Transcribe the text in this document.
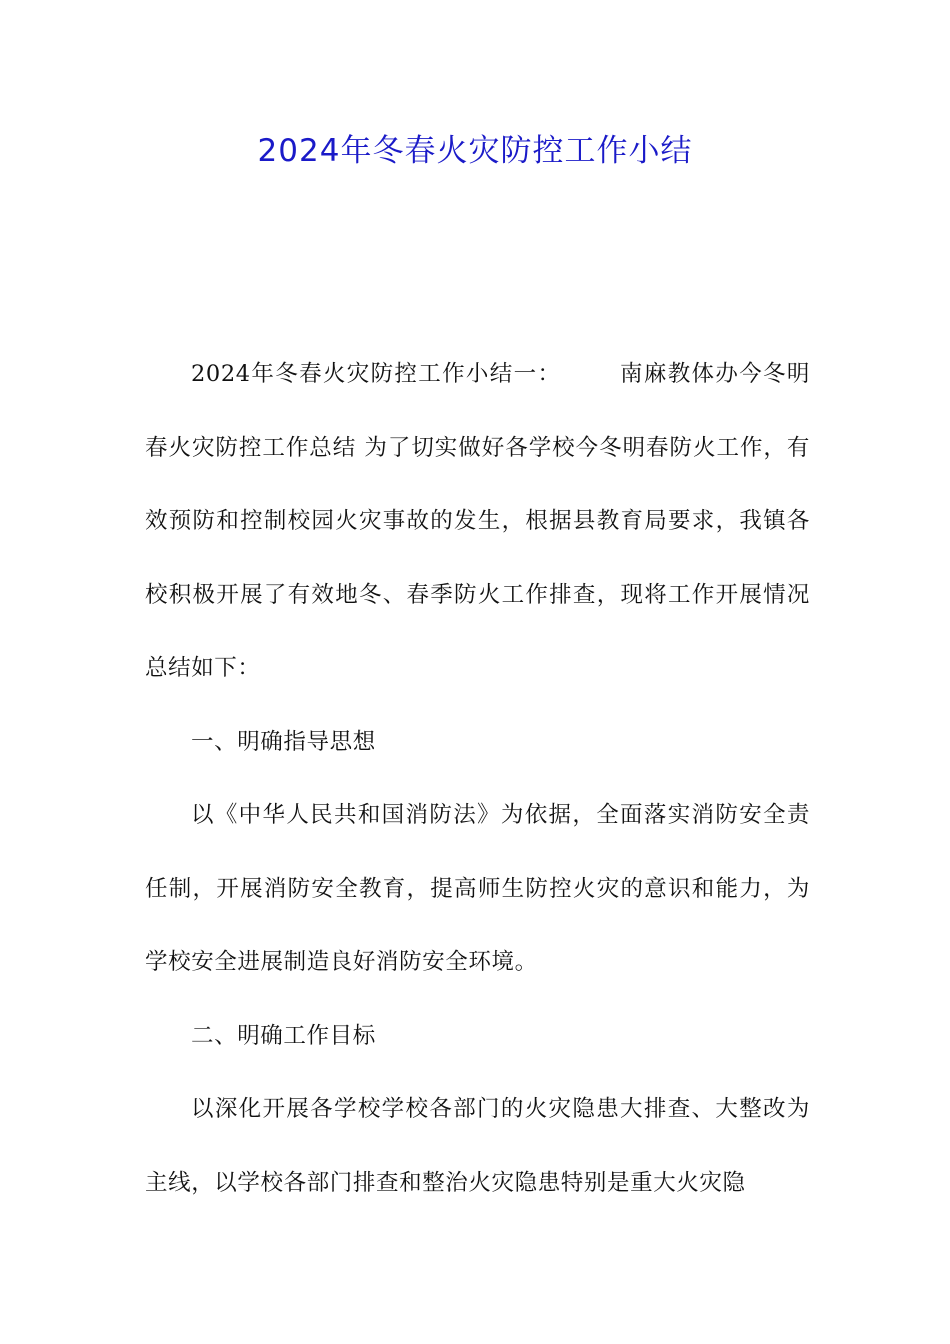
2024年冬春火灾防控工作小结

2024年冬春火灾防控工作小结一：	南麻教体办今冬明春火灾防控工作总结 为了切实做好各学校今冬明春防火工作，有效预防和控制校园火灾事故的发生，根据县教育局要求，我镇各校积极开展了有效地冬、春季防火工作排查，现将工作开展情况总结如下：

一、明确指导思想

以《中华人民共和国消防法》为依据，全面落实消防安全责任制，开展消防安全教育，提高师生防控火灾的意识和能力，为学校安全进展制造良好消防安全环境。

二、明确工作目标

以深化开展各学校学校各部门的火灾隐患大排查、大整改为主线，以学校各部门排查和整治火灾隐患特别是重大火灾隐
